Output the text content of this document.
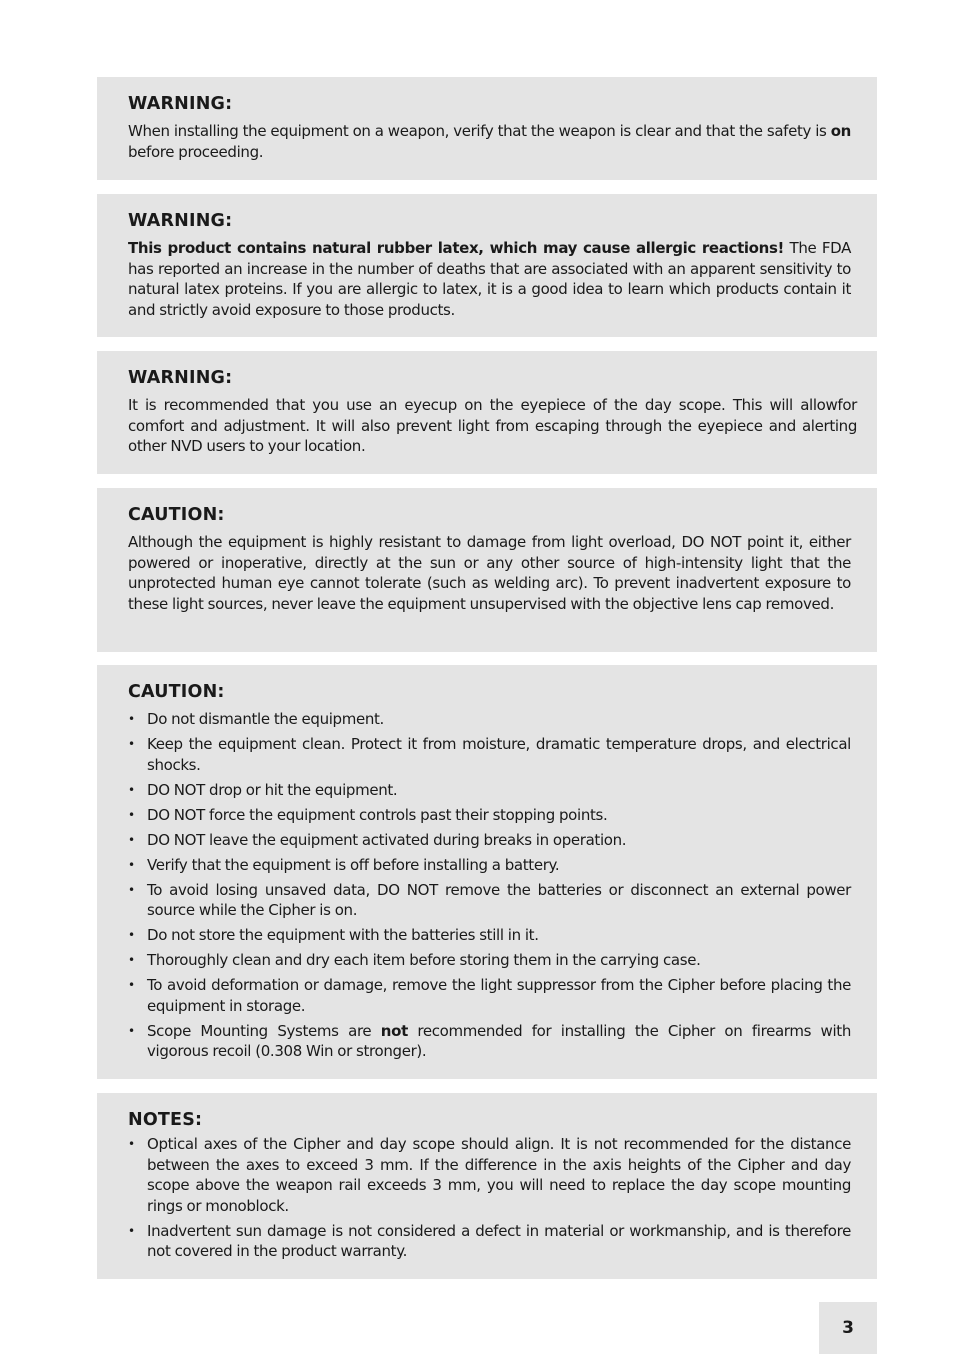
WARNING:

When installing the equipment on a weapon, verify that the weapon is clear and that the safety is on before proceeding.

WARNING:

This product contains natural rubber latex, which may cause allergic reactions! The FDA has reported an increase in the number of deaths that are associated with an apparent sensitivity to natural latex proteins. If you are allergic to latex, it is a good idea to learn which products contain it and strictly avoid exposure to those products.

WARNING:

It is recommended that you use an eyecup on the eyepiece of the day scope. This will allowfor comfort and adjustment. It will also prevent light from escaping through the eyepiece and alerting other NVD users to your location.

CAUTION:

Although the equipment is highly resistant to damage from light overload, DO NOT point it, either powered or inoperative, directly at the sun or any other source of high-intensity light that the unprotected human eye cannot tolerate (such as welding arc). To prevent inadvertent exposure to these light sources, never leave the equipment unsupervised with the objective lens cap removed.

CAUTION:
• Do not dismantle the equipment.
• Keep the equipment clean. Protect it from moisture, dramatic temperature drops, and electrical shocks.
• DO NOT drop or hit the equipment.
• DO NOT force the equipment controls past their stopping points.
• DO NOT leave the equipment activated during breaks in operation.
• Verify that the equipment is off before installing a battery.
• To avoid losing unsaved data, DO NOT remove the batteries or disconnect an external power source while the Cipher is on.
• Do not store the equipment with the batteries still in it.
• Thoroughly clean and dry each item before storing them in the carrying case.
• To avoid deformation or damage, remove the light suppressor from the Cipher before placing the equipment in storage.
• Scope Mounting Systems are not recommended for installing the Cipher on firearms with vigorous recoil (0.308 Win or stronger).
NOTES:
• Optical axes of the Cipher and day scope should align. It is not recommended for the distance between the axes to exceed 3 mm. If the difference in the axis heights of the Cipher and day scope above the weapon rail exceeds 3 mm, you will need to replace the day scope mounting rings or monoblock.
• Inadvertent sun damage is not considered a defect in material or workmanship, and is therefore not covered in the product warranty.
3
